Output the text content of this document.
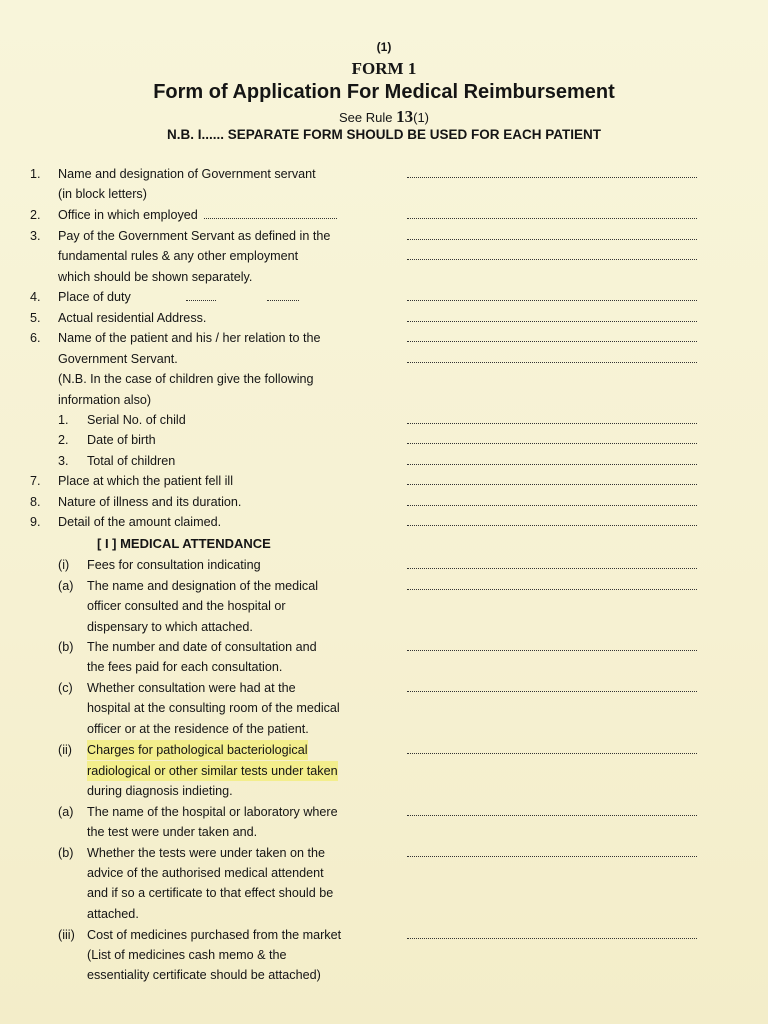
(1)
FORM 1
Form of Application For Medical Reimbursement
See Rule 13(1)
N.B. I...... SEPARATE FORM SHOULD BE USED FOR EACH PATIENT
1. Name and designation of Government servant
(in block letters)
2. Office in which employed
3. Pay of the Government Servant as defined in the
fundamental rules & any other employment
which should be shown separately.
4. Place of duty
5. Actual residential Address.
6. Name of the patient and his / her relation to the
Government Servant.
(N.B. In the case of children give the following
information also)
1. Serial No. of child
2. Date of birth
3. Total of children
7. Place at which the patient fell ill
8. Nature of illness and its duration.
9. Detail of the amount claimed.
[ I ] MEDICAL ATTENDANCE
(i) Fees for consultation indicating
(a) The name and designation of the medical
officer consulted and the hospital or
dispensary to which attached.
(b) The number and date of consultation and
the fees paid for each consultation.
(c) Whether consultation were had at the
hospital at the consulting room of the medical
officer or at the residence of the patient.
(ii) Charges for pathological bacteriological
radiological or other similar tests under taken
during diagnosis indieting.
(a) The name of the hospital or laboratory where
the test were under taken and.
(b) Whether the tests were under taken on the
advice of the authorised medical attendent
and if so a certificate to that effect should be
attached.
(iii) Cost of medicines purchased from the market
(List of medicines cash memo & the
essentiality certificate should be attached)
